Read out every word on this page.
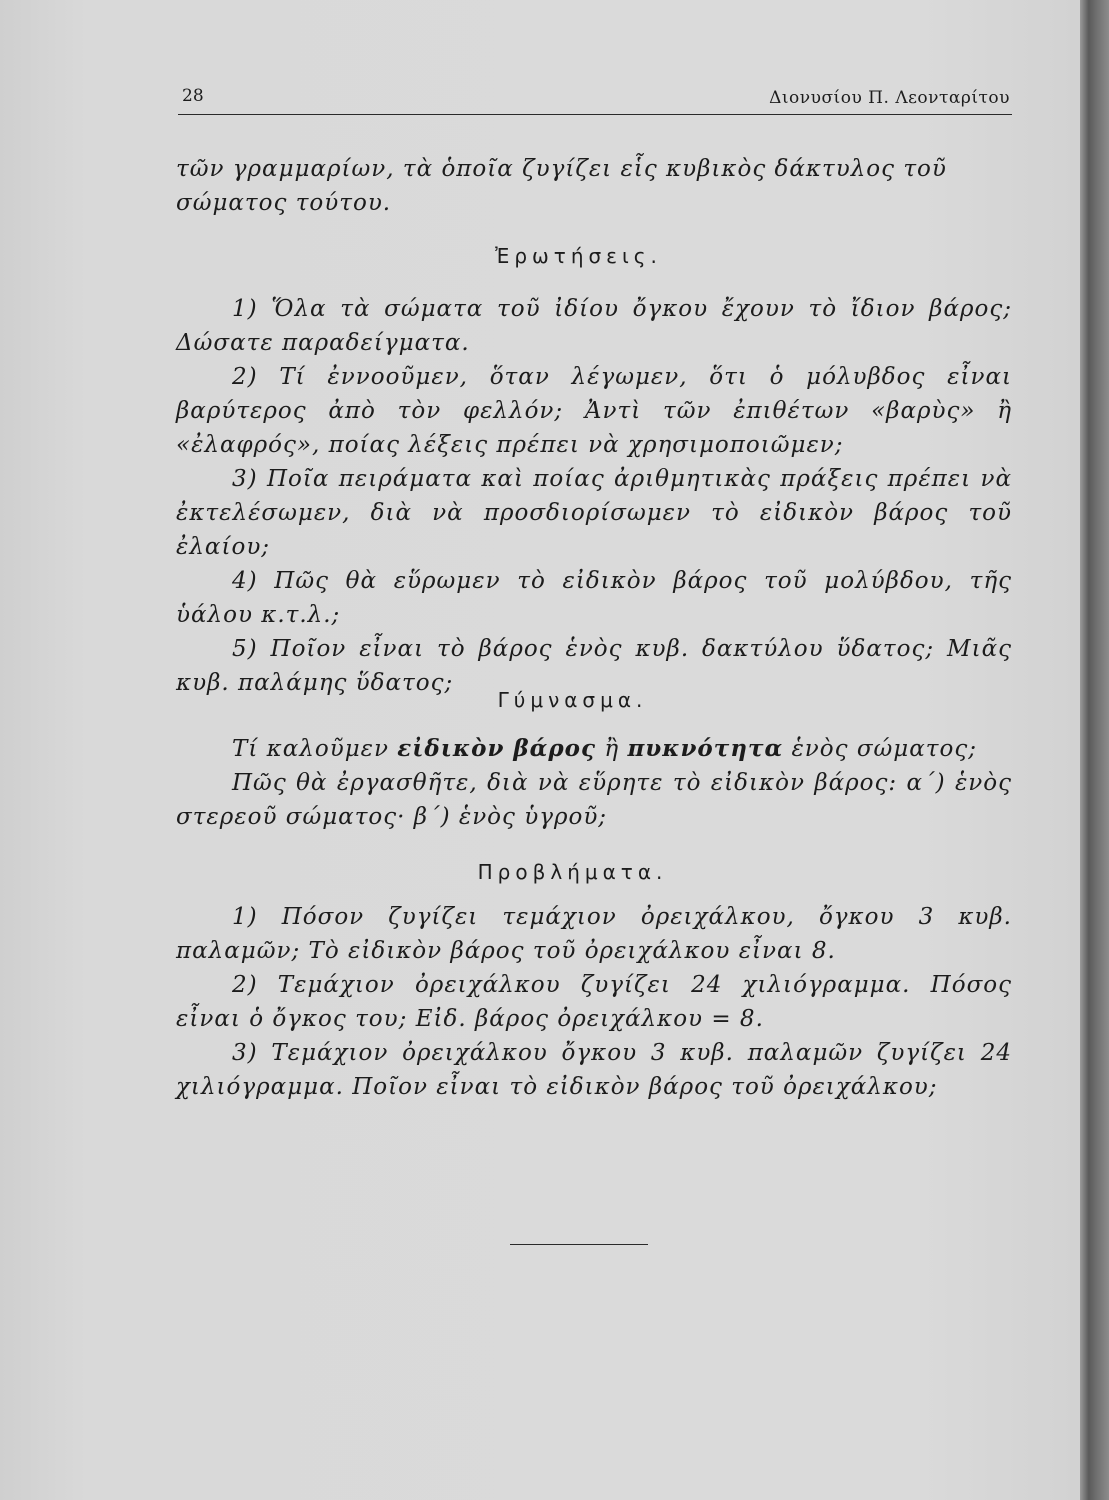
28	Διονυσίου Π. Λεονταρίτου

τῶν γραμμαρίων, τὰ ὁποῖα ζυγίζει εἷς κυβικὸς δάκτυλος τοῦ σώματος τούτου.

Ἐρωτήσεις.

1) Ὅλα τὰ σώματα τοῦ ἰδίου ὄγκου ἔχουν τὸ ἴδιον βάρος; Δώσατε παραδείγματα.

2) Τί ἐννοοῦμεν, ὅταν λέγωμεν, ὅτι ὁ μόλυβδος εἶναι βαρύτερος ἀπὸ τὸν φελλόν; Ἀντὶ τῶν ἐπιθέτων «βαρὺς» ἢ «ἐλαφρός», ποίας λέξεις πρέπει νὰ χρησιμοποιῶμεν;

3) Ποῖα πειράματα καὶ ποίας ἀριθμητικὰς πράξεις πρέπει νὰ ἐκτελέσωμεν, διὰ νὰ προσδιορίσωμεν τὸ εἰδικὸν βάρος τοῦ ἐλαίου;

4) Πῶς θὰ εὕρωμεν τὸ εἰδικὸν βάρος τοῦ μολύβδου, τῆς ὑάλου κ.τ.λ.;

5) Ποῖον εἶναι τὸ βάρος ἑνὸς κυβ. δακτύλου ὕδατος; Μιᾶς κυβ. παλάμης ὕδατος;

Γύμνασμα.

Τί καλοῦμεν εἰδικὸν βάρος ἢ πυκνότητα ἑνὸς σώματος;

Πῶς θὰ ἐργασθῆτε, διὰ νὰ εὕρητε τὸ εἰδικὸν βάρος: α΄) ἑνὸς στερεοῦ σώματος· β΄) ἑνὸς ὑγροῦ;

Προβλήματα.

1) Πόσον ζυγίζει τεμάχιον ὀρειχάλκου, ὄγκου 3 κυβ. παλαμῶν; Τὸ εἰδικὸν βάρος τοῦ ὀρειχάλκου εἶναι 8.

2) Τεμάχιον ὀρειχάλκου ζυγίζει 24 χιλιόγραμμα. Πόσος εἶναι ὁ ὄγκος του; Εἰδ. βάρος ὀρειχάλκου = 8.

3) Τεμάχιον ὀρειχάλκου ὄγκου 3 κυβ. παλαμῶν ζυγίζει 24 χιλιόγραμμα. Ποῖον εἶναι τὸ εἰδικὸν βάρος τοῦ ὀρειχάλκου;
